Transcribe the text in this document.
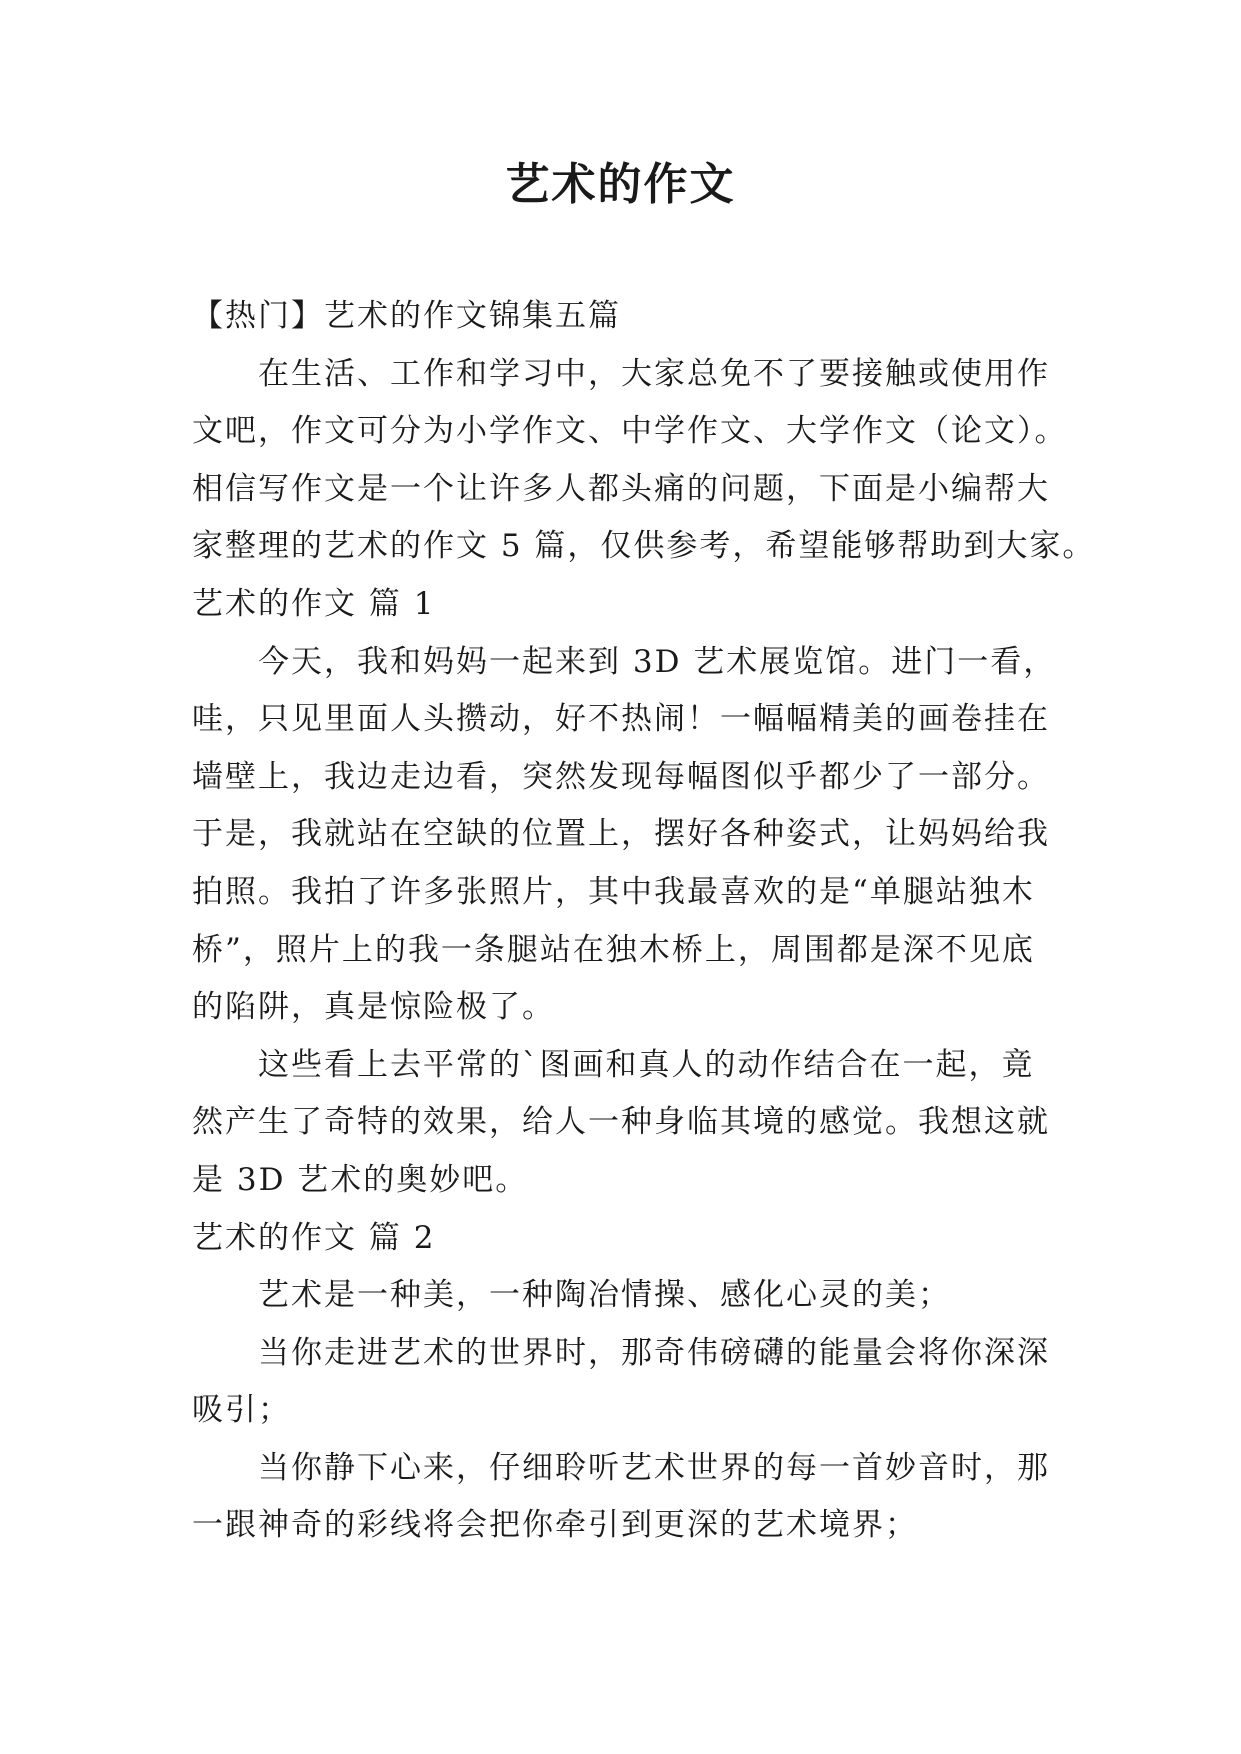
艺术的作文
【热门】艺术的作文锦集五篇
在生活、工作和学习中，大家总免不了要接触或使用作
文吧，作文可分为小学作文、中学作文、大学作文（论文）。
相信写作文是一个让许多人都头痛的问题，下面是小编帮大
家整理的艺术的作文 5 篇，仅供参考，希望能够帮助到大家。
艺术的作文 篇 1
今天，我和妈妈一起来到 3D 艺术展览馆。进门一看，
哇，只见里面人头攒动，好不热闹！一幅幅精美的画卷挂在
墙壁上，我边走边看，突然发现每幅图似乎都少了一部分。
于是，我就站在空缺的位置上，摆好各种姿式，让妈妈给我
拍照。我拍了许多张照片，其中我最喜欢的是“单腿站独木
桥”，照片上的我一条腿站在独木桥上，周围都是深不见底
的陷阱，真是惊险极了。
这些看上去平常的`图画和真人的动作结合在一起，竟
然产生了奇特的效果，给人一种身临其境的感觉。我想这就
是 3D 艺术的奥妙吧。
艺术的作文 篇 2
艺术是一种美，一种陶冶情操、感化心灵的美；
当你走进艺术的世界时，那奇伟磅礴的能量会将你深深
吸引；
当你静下心来，仔细聆听艺术世界的每一首妙音时，那
一跟神奇的彩线将会把你牵引到更深的艺术境界；
